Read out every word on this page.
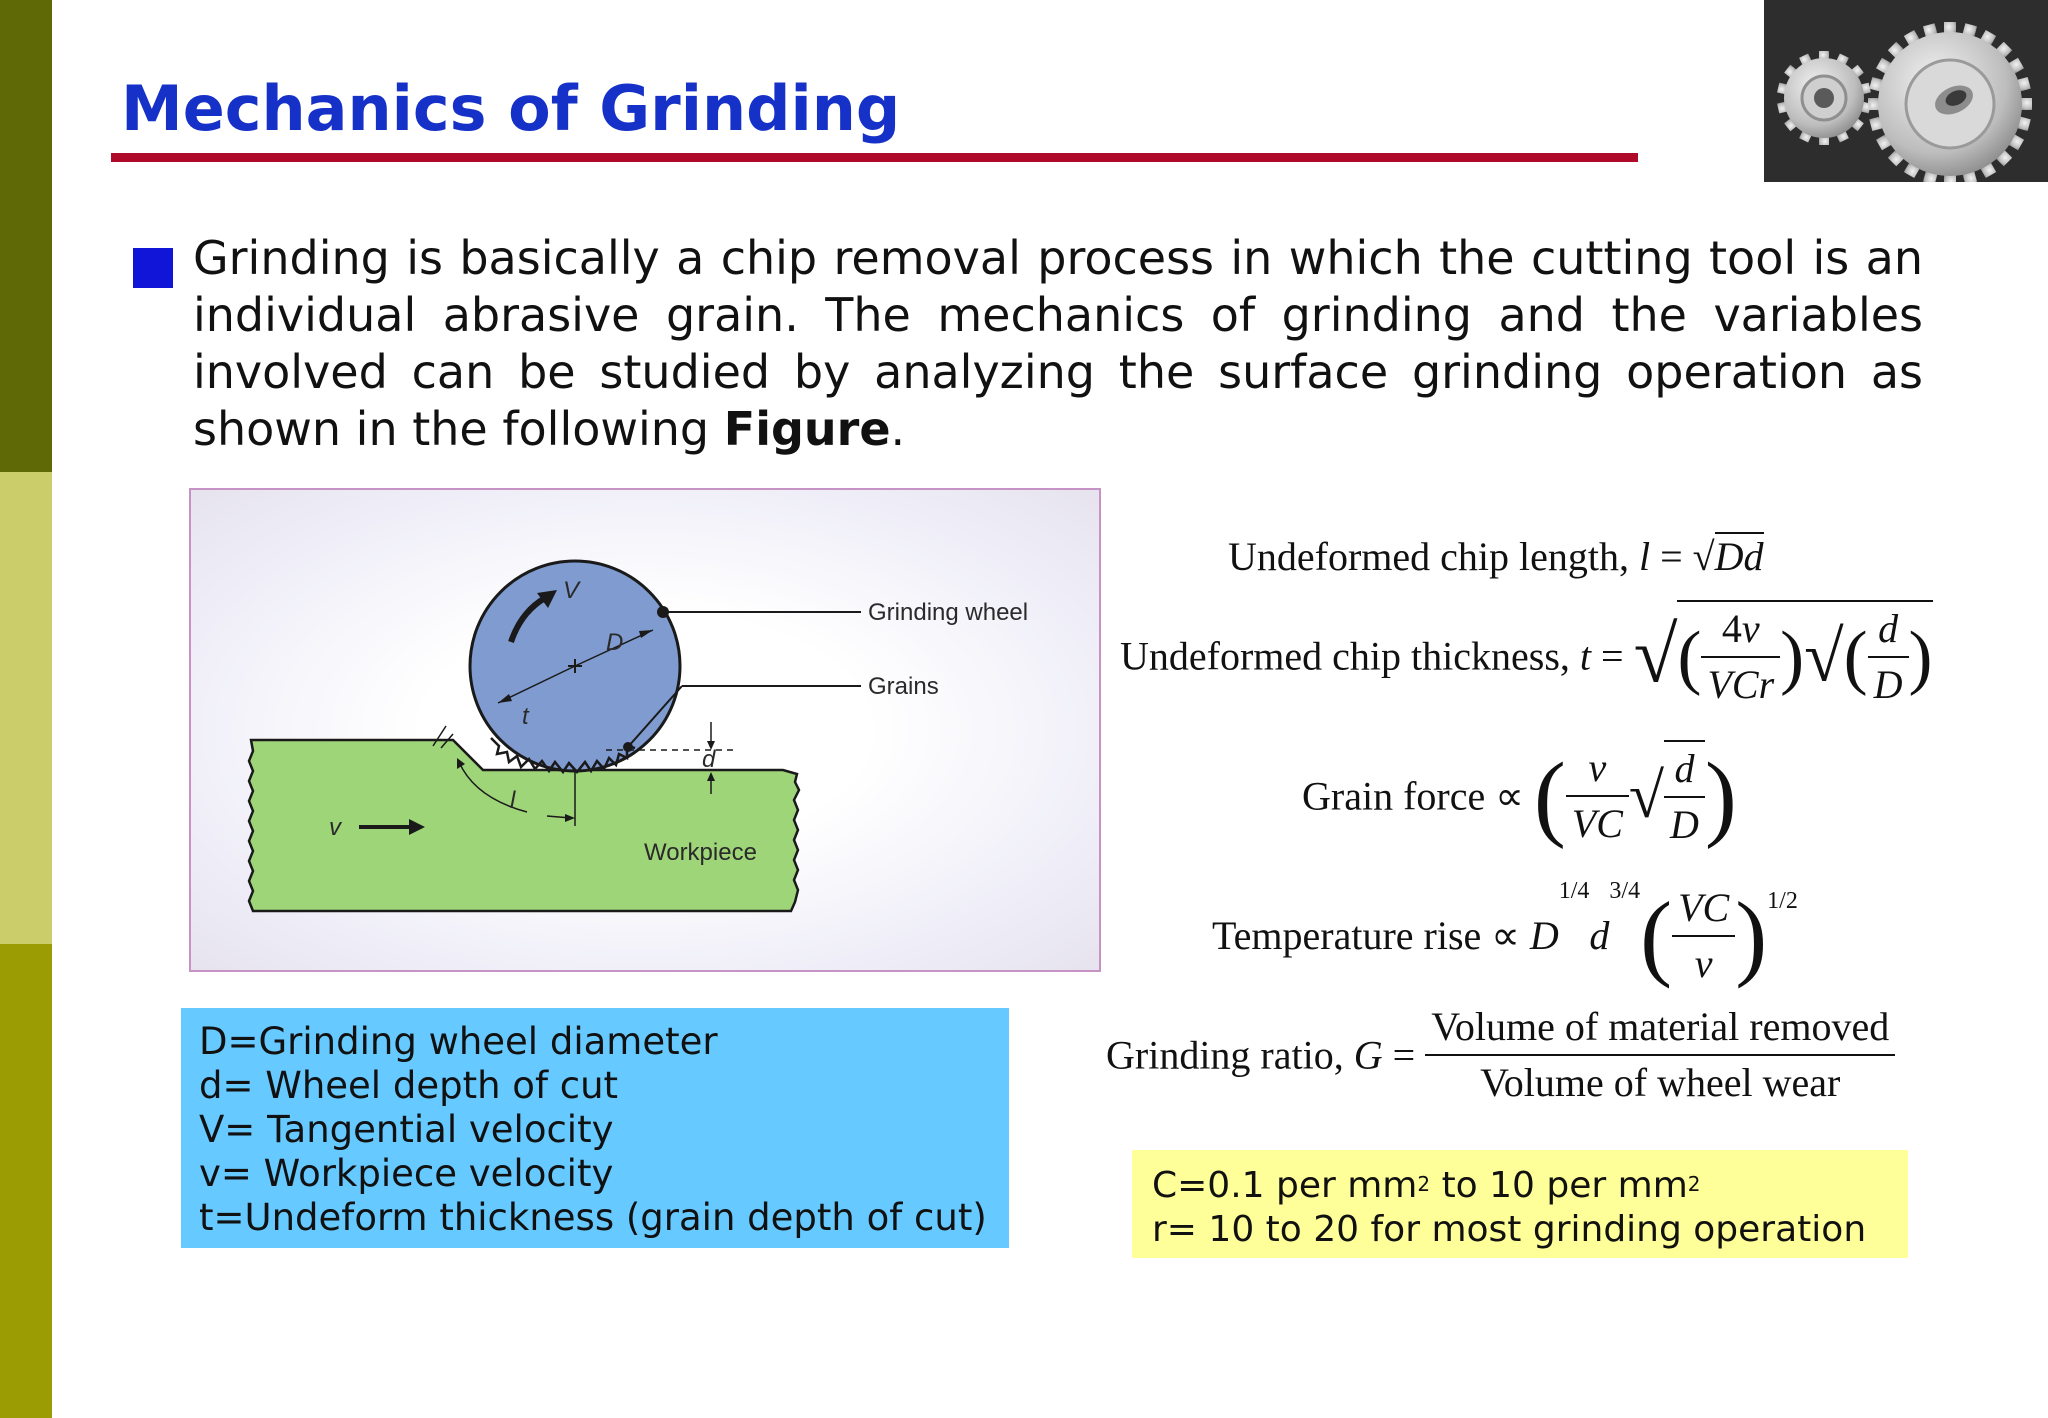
Mechanics of Grinding
Grinding is basically a chip removal process in which the cutting tool is an individual abrasive grain. The mechanics of grinding and the variables involved can be studied by analyzing the surface grinding operation as shown in the following Figure.
V
D
t
d
l
v
Grinding wheel
Grains
Workpiece
Undeformed chip length, l = √Dd
Undeformed chip thickness, t = √( $\frac{4v}{\text{VCr}}$ )√( $\frac{d}{D}$ )
Grain force ∝ ( $\frac{v}{VC}$ √ $\frac{d}{D}$ )
Temperature rise ∝ $D^{1/4}d^{3/4}( \frac{VC}{v} )^{1/2}$
Grinding ratio, $G = \frac{\text{Volume of material removed}}{\text{Volume of wheel wear}}$
D=Grinding wheel diameter
d= Wheel depth of cut
V= Tangential velocity
v= Workpiece velocity
t=Undeform thickness (grain depth of cut)
C=0.1 per $mm^2$ to 10 per $mm^2$
r= 10 to 20 for most grinding operation
